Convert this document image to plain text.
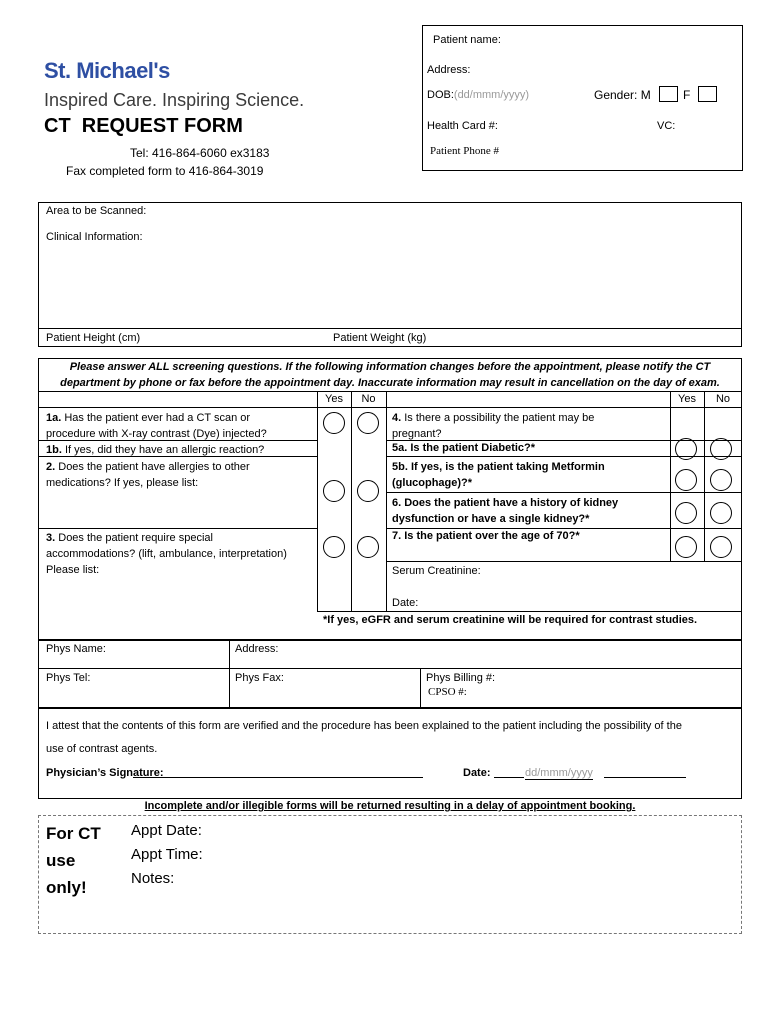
St. Michael's
Inspired Care. Inspiring Science.
CT  REQUEST FORM
Tel: 416-864-6060 ex3183
Fax completed form to 416-864-3019
Patient name:
Address:
DOB:(dd/mmm/yyyy)	Gender: M	F
Health Card #:	VC:
Patient Phone #
Area to be Scanned:
Clinical Information:
Patient Height (cm)	Patient Weight (kg)
Please answer ALL screening questions. If the following information changes before the appointment, please notify the CT
department by phone or fax before the appointment day. Inaccurate information may result in cancellation on the day of exam.
Yes	No	Yes	No
1a. Has the patient ever had a CT scan or
procedure with X-ray contrast (Dye) injected?
1b. If yes, did they have an allergic reaction?
2. Does the patient have allergies to other
medications? If yes, please list:
3. Does the patient require special
accommodations? (lift, ambulance, interpretation)
Please list:
4. Is there a possibility the patient may be
pregnant?
5a. Is the patient Diabetic?*
5b. If yes, is the patient taking Metformin
(glucophage)?*
6. Does the patient have a history of kidney
dysfunction or have a single kidney?*
7. Is the patient over the age of 70?*
Serum Creatinine:
Date:
*If yes, eGFR and serum creatinine will be required for contrast studies.
Phys Name:	Address:
Phys Tel:	Phys Fax:	Phys Billing #:
CPSO #:
I attest that the contents of this form are verified and the procedure has been explained to the patient including the possibility of the
use of contrast agents.
Physician’s Signature:	Date:	dd/mmm/yyyy
Incomplete and/or illegible forms will be returned resulting in a delay of appointment booking.
For CT
use
only!
Appt Date:
Appt Time:
Notes:
